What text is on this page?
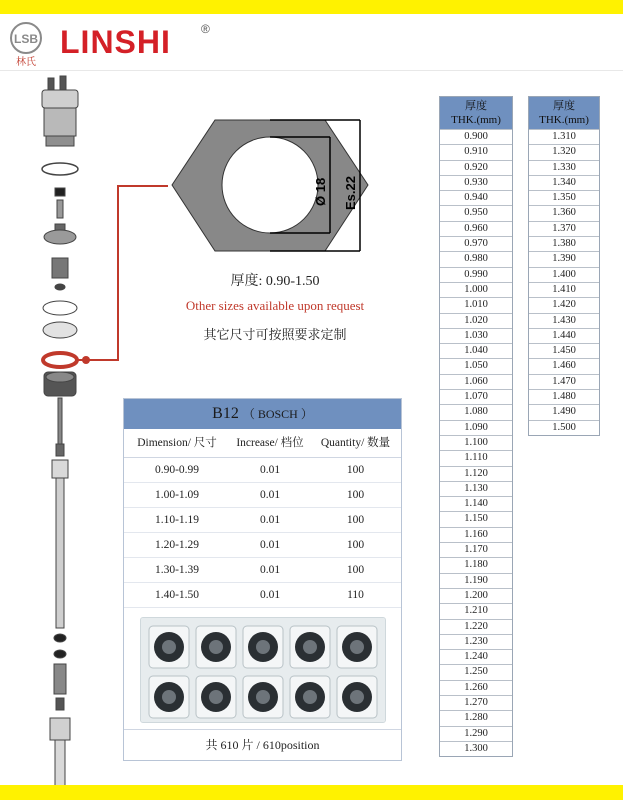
LSB
林氏
LINSHI	®
Ø 18 Es.22
厚度: 0.90-1.50
Other sizes available upon request
其它尺寸可按照要求定制
B12 （ BOSCH ）
Dimension/ 尺寸	Increase/ 档位	Quantity/ 数量
0.90-0.99	0.01	100
1.00-1.09	0.01	100
1.10-1.19	0.01	100
1.20-1.29	0.01	100
1.30-1.39	0.01	100
1.40-1.50	0.01	110
共 610 片 / 610position
厚度
THK.(mm)
0.900
0.910
0.920
0.930
0.940
0.950
0.960
0.970
0.980
0.990
1.000
1.010
1.020
1.030
1.040
1.050
1.060
1.070
1.080
1.090
1.100
1.110
1.120
1.130
1.140
1.150
1.160
1.170
1.180
1.190
1.200
1.210
1.220
1.230
1.240
1.250
1.260
1.270
1.280
1.290
1.300
厚度
THK.(mm)
1.310
1.320
1.330
1.340
1.350
1.360
1.370
1.380
1.390
1.400
1.410
1.420
1.430
1.440
1.450
1.460
1.470
1.480
1.490
1.500
